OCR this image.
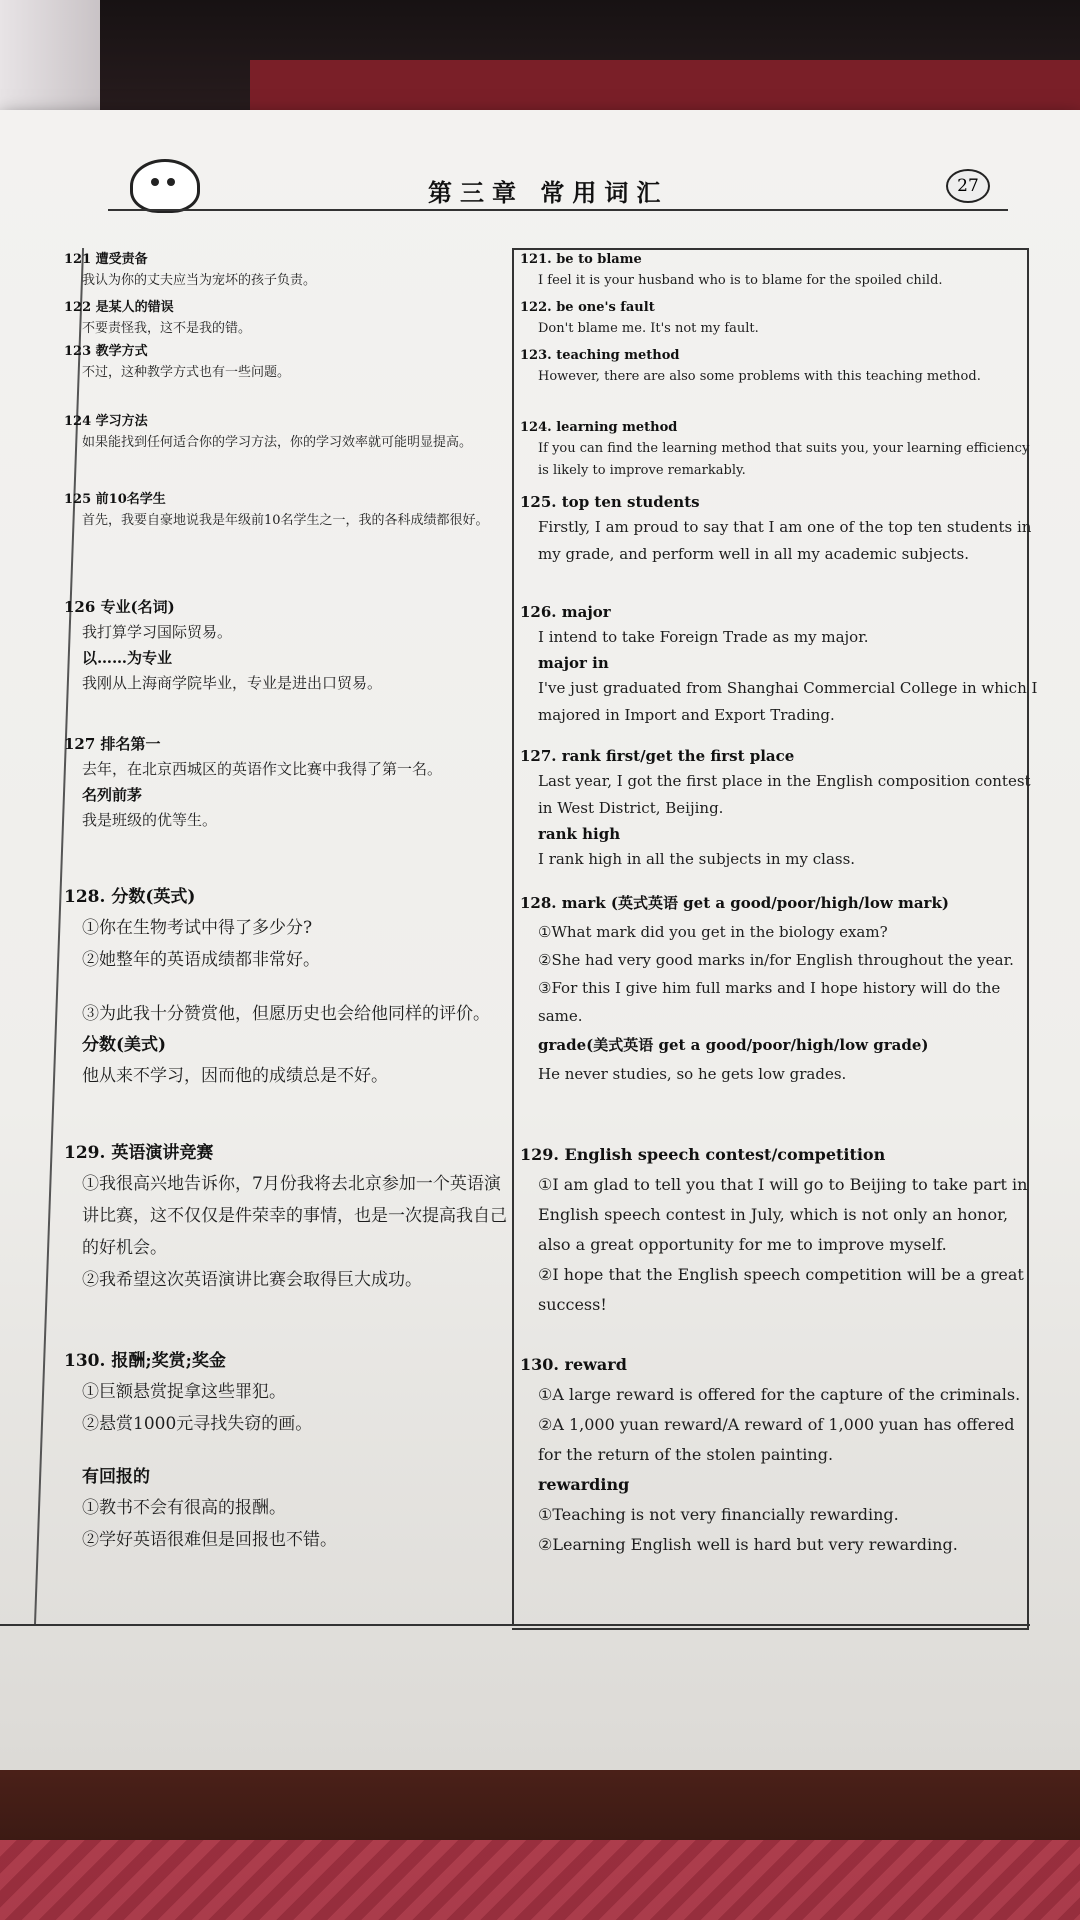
第三章 常用词汇	27
121 遭受责备
我认为你的丈夫应当为宠坏的孩子负责。
122 是某人的错误
不要责怪我，这不是我的错。
123 教学方式
不过，这种教学方式也有一些问题。
124 学习方法
如果能找到任何适合你的学习方法，你的学习效率就可能明显提高。
125 前10名学生
首先，我要自豪地说我是年级前10名学生之一，我的各科成绩都很好。
126 专业(名词)
我打算学习国际贸易。
以……为专业
我刚从上海商学院毕业，专业是进出口贸易。
127 排名第一
去年，在北京西城区的英语作文比赛中我得了第一名。
名列前茅
我是班级的优等生。
128. 分数(英式)
①你在生物考试中得了多少分?
②她整年的英语成绩都非常好。
③为此我十分赞赏他，但愿历史也会给他同样的评价。
分数(美式)
他从来不学习，因而他的成绩总是不好。
129. 英语演讲竞赛
①我很高兴地告诉你，7月份我将去北京参加一个英语演讲比赛，这不仅仅是件荣幸的事情，也是一次提高我自己的好机会。
②我希望这次英语演讲比赛会取得巨大成功。
130. 报酬;奖赏;奖金
①巨额悬赏捉拿这些罪犯。
②悬赏1000元寻找失窃的画。
有回报的
①教书不会有很高的报酬。
②学好英语很难但是回报也不错。
121. be to blame
I feel it is your husband who is to blame for the spoiled child.
122. be one's fault
Don't blame me. It's not my fault.
123. teaching method
However, there are also some problems with this teaching method.
124. learning method
If you can find the learning method that suits you, your learning efficiency is likely to improve remarkably.
125. top ten students
Firstly, I am proud to say that I am one of the top ten students in my grade, and perform well in all my academic subjects.
126. major
I intend to take Foreign Trade as my major.
major in
I've just graduated from Shanghai Commercial College in which I majored in Import and Export Trading.
127. rank first/get the first place
Last year, I got the first place in the English composition contest in West District, Beijing.
rank high
I rank high in all the subjects in my class.
128. mark (英式英语 get a good/poor/high/low mark)
①What mark did you get in the biology exam?
②She had very good marks in/for English throughout the year.
③For this I give him full marks and I hope history will do the same.
grade(美式英语 get a good/poor/high/low grade)
He never studies, so he gets low grades.
129. English speech contest/competition
①I am glad to tell you that I will go to Beijing to take part in English speech contest in July, which is not only an honor, also a great opportunity for me to improve myself.
②I hope that the English speech competition will be a great success!
130. reward
①A large reward is offered for the capture of the criminals.
②A 1,000 yuan reward/A reward of 1,000 yuan has offered for the return of the stolen painting.
rewarding
①Teaching is not very financially rewarding.
②Learning English well is hard but very rewarding.
